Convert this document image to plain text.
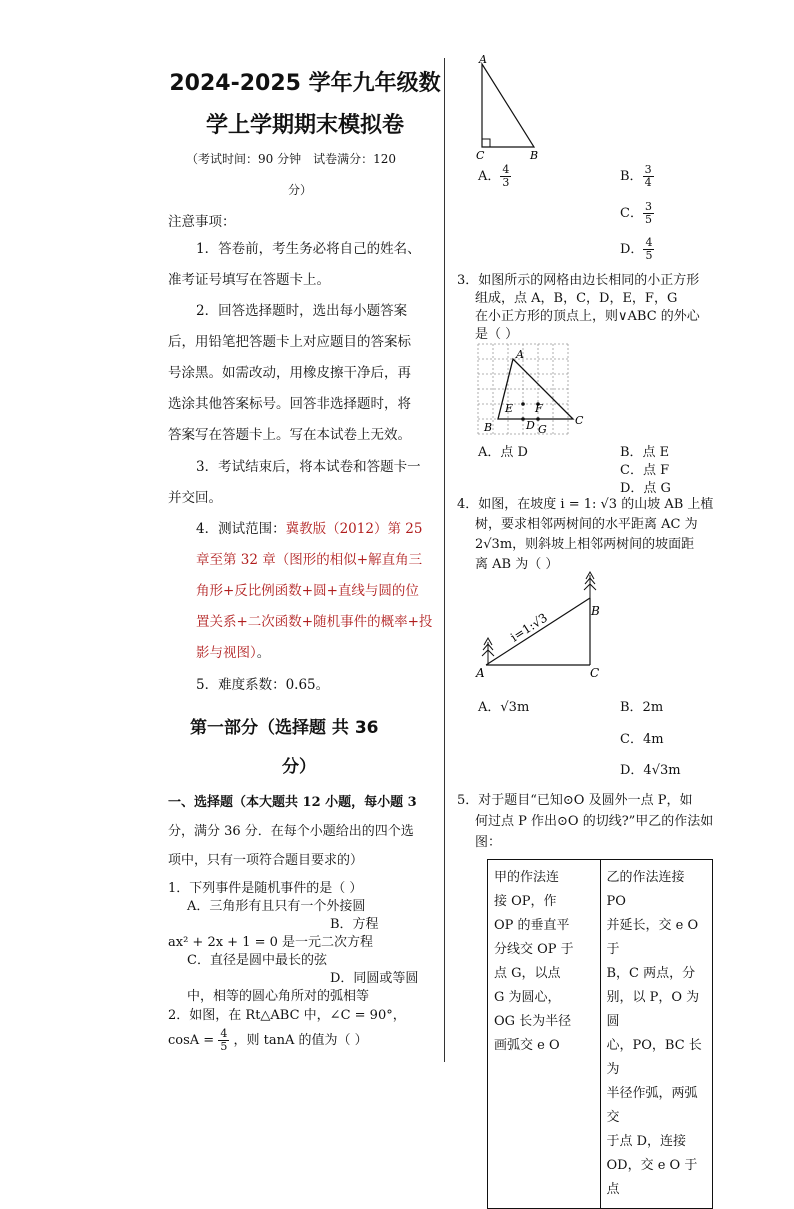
2024-2025 学年九年级数
学上学期期末模拟卷
（考试时间：90 分钟　试卷满分：120
分）
注意事项：
1．答卷前，考生务必将自己的姓名、
准考证号填写在答题卡上。
2．回答选择题时，选出每小题答案
后，用铅笔把答题卡上对应题目的答案标
号涂黑。如需改动，用橡皮擦干净后，再
选涂其他答案标号。回答非选择题时，将
答案写在答题卡上。写在本试卷上无效。
3．考试结束后，将本试卷和答题卡一
并交回。
4．测试范围：冀教版（2012）第 25
章至第 32 章（图形的相似+解直角三
角形+反比例函数+圆+直线与圆的位
置关系+二次函数+随机事件的概率+投
影与视图）。
5．难度系数：0.65。
第一部分（选择题 共 36
分）
一、选择题（本大题共 12 小题，每小题 3
分，满分 36 分．在每个小题给出的四个选
项中，只有一项符合题目要求的）
1．下列事件是随机事件的是（ ）
A．三角形有且只有一个外接圆
B．方程
ax² + 2x + 1 = 0 是一元二次方程
C．直径是圆中最长的弦
D．同圆或等圆
中，相等的圆心角所对的弧相等
2．如图，在 Rt△ABC 中，∠C = 90°，
$\cos A = \frac{4}{5}$ ，则 tanA 的值为（ ）
A
C	B
A． $\frac{4}{3}$	B． $\frac{3}{4}$
C． $\frac{3}{5}$
D． $\frac{4}{5}$
3．如图所示的网格由边长相同的小正方形
组成，点 A，B，C，D，E，F，G
在小正方形的顶点上，则∨ABC 的外心
是（ ）
A
B
C
D
E F
G
A．点 D	B．点 E
C．点 F
D．点 G
4．如图，在坡度 i = 1: √3 的山坡 AB 上植
树，要求相邻两树间的水平距离 AC 为
2√3m，则斜坡上相邻两树间的坡面距
离 AB 为（ ）
i=1:√3
A
B
C
A．√3m	B．2m
C．4m
D．4√3m
5．对于题目“已知⊙O 及圆外一点 P，如
何过点 P 作出⊙O 的切线?”甲乙的作法如
图：
甲的作法连
接 OP，作
OP 的垂直平
分线交 OP 于
点 G，以点
G 为圆心，
OG 长为半径
画弧交 e O

乙的作法连接 PO
并延长，交 e O 于
B，C 两点，分
别，以 P，O 为圆
心，PO，BC 长为
半径作弧，两弧交
于点 D，连接
OD，交 e O 于点
